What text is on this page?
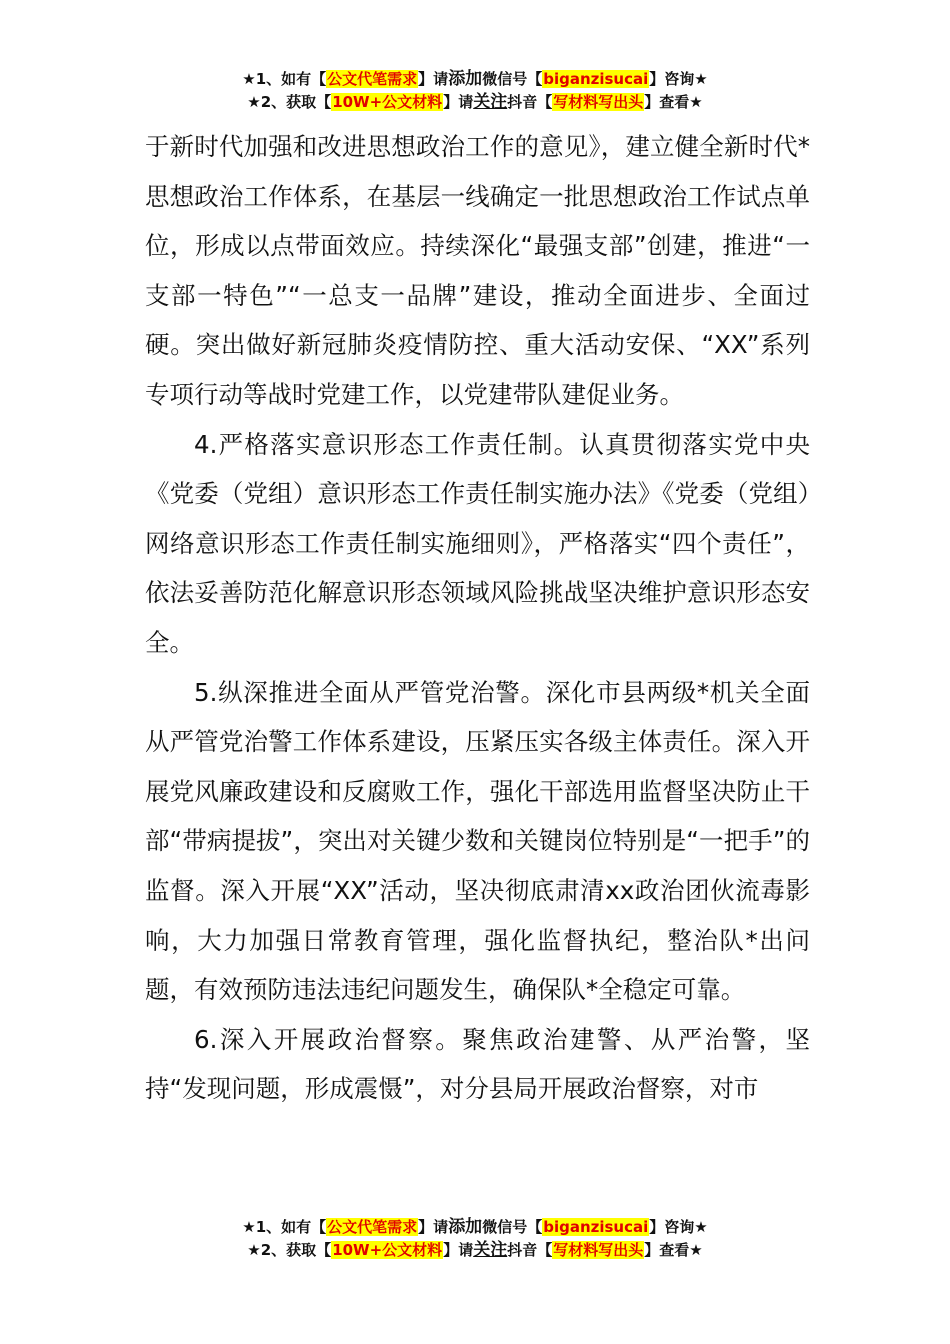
★1、如有【公文代笔需求】请添加微信号【biganzisucai】咨询★
★2、获取【10W+公文材料】请关注抖音【写材料写出头】查看★

于新时代加强和改进思想政治工作的意见》，建立健全新时代*思想政治工作体系，在基层一线确定一批思想政治工作试点单位，形成以点带面效应。持续深化“最强支部”创建，推进“一支部一特色”“一总支一品牌”建设，推动全面进步、全面过硬。突出做好新冠肺炎疫情防控、重大活动安保、“XX”系列专项行动等战时党建工作，以党建带队建促业务。

4.严格落实意识形态工作责任制。认真贯彻落实党中央《党委（党组）意识形态工作责任制实施办法》《党委（党组）网络意识形态工作责任制实施细则》，严格落实“四个责任”，依法妥善防范化解意识形态领域风险挑战坚决维护意识形态安全。

5.纵深推进全面从严管党治警。深化市县两级*机关全面从严管党治警工作体系建设，压紧压实各级主体责任。深入开展党风廉政建设和反腐败工作，强化干部选用监督坚决防止干部“带病提拔”，突出对关键少数和关键岗位特别是“一把手”的监督。深入开展“XX”活动，坚决彻底肃清xx政治团伙流毒影响，大力加强日常教育管理，强化监督执纪，整治队*出问题，有效预防违法违纪问题发生，确保队*全稳定可靠。

6.深入开展政治督察。聚焦政治建警、从严治警，坚持“发现问题，形成震慑”，对分县局开展政治督察，对市

★1、如有【公文代笔需求】请添加微信号【biganzisucai】咨询★
★2、获取【10W+公文材料】请关注抖音【写材料写出头】查看★
